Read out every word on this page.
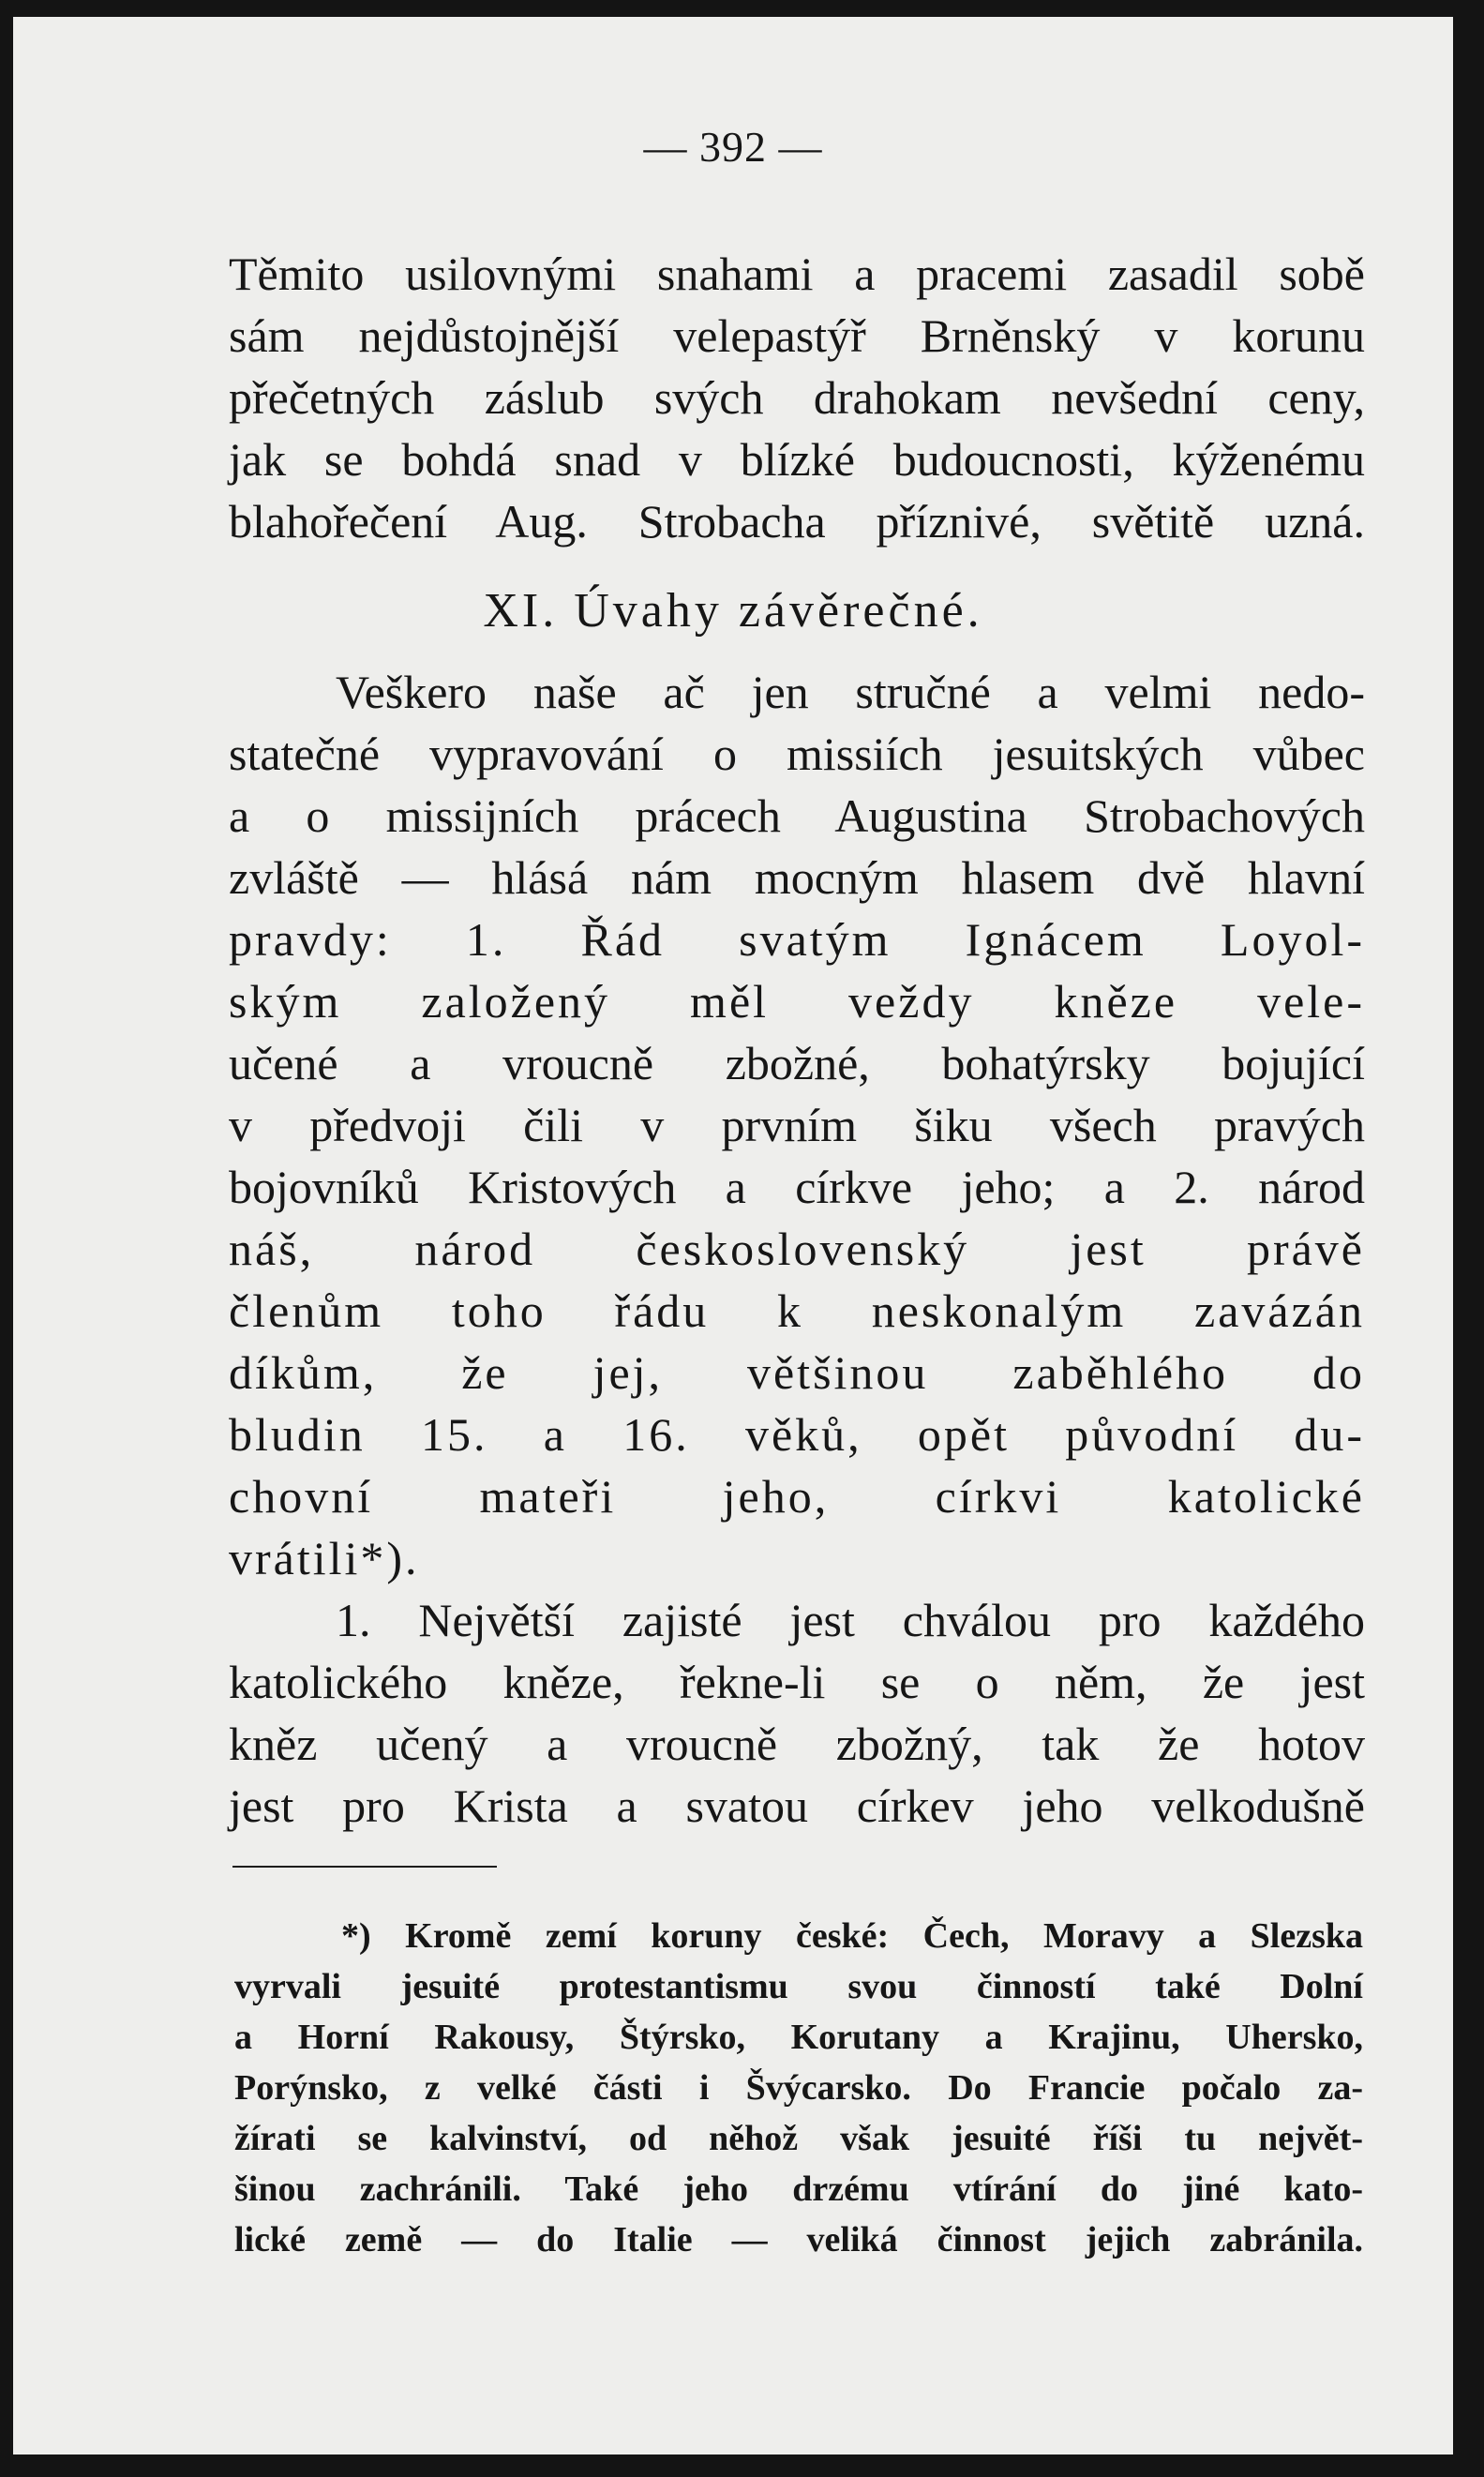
— 392 —
Těmito usilovnými snahami a pracemi zasadil sobě
sám nejdůstojnější velepastýř Brněnský v korunu
přečetných záslub svých drahokam nevšední ceny,
jak se bohdá snad v blízké budoucnosti, kýženému
blahořečení Aug. Strobacha příznivé, světitě uzná.
XI. Úvahy závěrečné.
Veškero naše ač jen stručné a velmi nedo-
statečné vypravování o missiích jesuitských vůbec
a o missijních prácech Augustina Strobachových
zvláště — hlásá nám mocným hlasem dvě hlavní
pravdy: 1. Řád svatým Ignácem Loyol-
ským založený měl veždy kněze vele-
učené a vroucně zbožné, bohatýrsky bojující
v předvoji čili v prvním šiku všech pravých
bojovníků Kristových a církve jeho; a 2. národ
náš, národ československý jest právě
členům toho řádu k neskonalým zavázán
díkům, že jej, většinou zaběhlého do
bludin 15. a 16. věků, opět původní du-
chovní mateři jeho, církvi katolické
vrátili*).
1. Největší zajisté jest chválou pro každého
katolického kněze, řekne-li se o něm, že jest
kněz učený a vroucně zbožný, tak že hotov
jest pro Krista a svatou církev jeho velkodušně
*) Kromě zemí koruny české: Čech, Moravy a Slezska
vyrvali jesuité protestantismu svou činností také Dolní
a Horní Rakousy, Štýrsko, Korutany a Krajinu, Uhersko,
Porýnsko, z velké části i Švýcarsko. Do Francie počalo za-
žírati se kalvinství, od něhož však jesuité říši tu největ-
šinou zachránili. Také jeho drzému vtírání do jiné kato-
lické země — do Italie — veliká činnost jejich zabránila.
